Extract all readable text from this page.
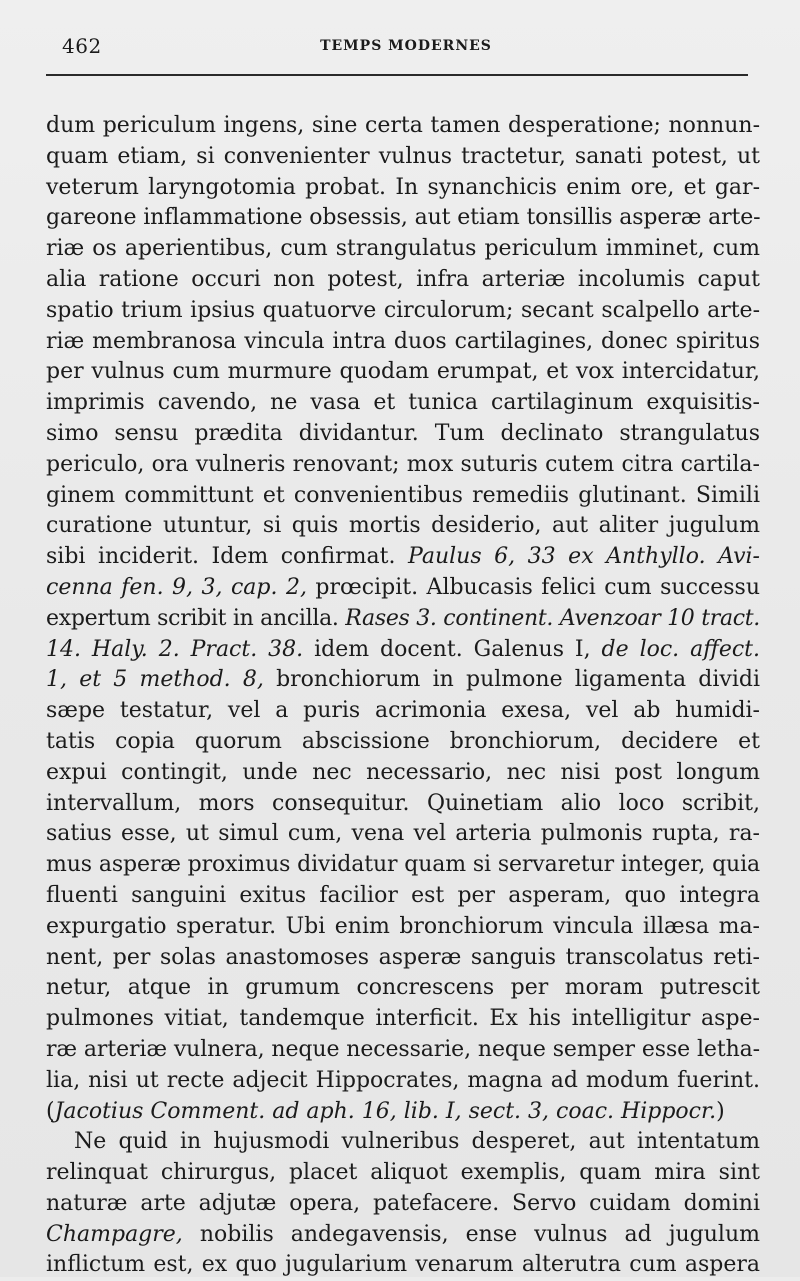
462	TEMPS MODERNES
dum periculum ingens, sine certa tamen desperatione; nonnun-
quam etiam, si convenienter vulnus tractetur, sanati potest, ut
veterum laryngotomia probat. In synanchicis enim ore, et gar-
gareone inflammatione obsessis, aut etiam tonsillis asperæ arte-
riæ os aperientibus, cum strangulatus periculum imminet, cum
alia ratione occuri non potest, infra arteriæ incolumis caput
spatio trium ipsius quatuorve circulorum; secant scalpello arte-
riæ membranosa vincula intra duos cartilagines, donec spiritus
per vulnus cum murmure quodam erumpat, et vox intercidatur,
imprimis cavendo, ne vasa et tunica cartilaginum exquisitis-
simo sensu prædita dividantur. Tum declinato strangulatus
periculo, ora vulneris renovant; mox suturis cutem citra cartila-
ginem committunt et convenientibus remediis glutinant. Simili
curatione utuntur, si quis mortis desiderio, aut aliter jugulum
sibi inciderit. Idem confirmat. Paulus 6, 33 ex Anthyllo. Avi-
cenna fen. 9, 3, cap. 2, prœcipit. Albucasis felici cum successu
expertum scribit in ancilla. Rases 3. continent. Avenzoar 10 tract.
14. Haly. 2. Pract. 38. idem docent. Galenus I, de loc. affect.
1, et 5 method. 8, bronchiorum in pulmone ligamenta dividi
sæpe testatur, vel a puris acrimonia exesa, vel ab humidi-
tatis copia quorum abscissione bronchiorum, decidere et
expui contingit, unde nec necessario, nec nisi post longum
intervallum, mors consequitur. Quinetiam alio loco scribit,
satius esse, ut simul cum, vena vel arteria pulmonis rupta, ra-
mus asperæ proximus dividatur quam si servaretur integer, quia
fluenti sanguini exitus facilior est per asperam, quo integra
expurgatio speratur. Ubi enim bronchiorum vincula illæsa ma-
nent, per solas anastomoses asperæ sanguis transcolatus reti-
netur, atque in grumum concrescens per moram putrescit
pulmones vitiat, tandemque interficit. Ex his intelligitur aspe-
ræ arteriæ vulnera, neque necessarie, neque semper esse letha-
lia, nisi ut recte adjecit Hippocrates, magna ad modum fuerint.
(Jacotius Comment. ad aph. 16, lib. I, sect. 3, coac. Hippocr.)
Ne quid in hujusmodi vulneribus desperet, aut intentatum
relinquat chirurgus, placet aliquot exemplis, quam mira sint
naturæ arte adjutæ opera, patefacere. Servo cuidam domini
Champagre, nobilis andegavensis, ense vulnus ad jugulum
inflictum est, ex quo jugularium venarum alterutra cum aspera
